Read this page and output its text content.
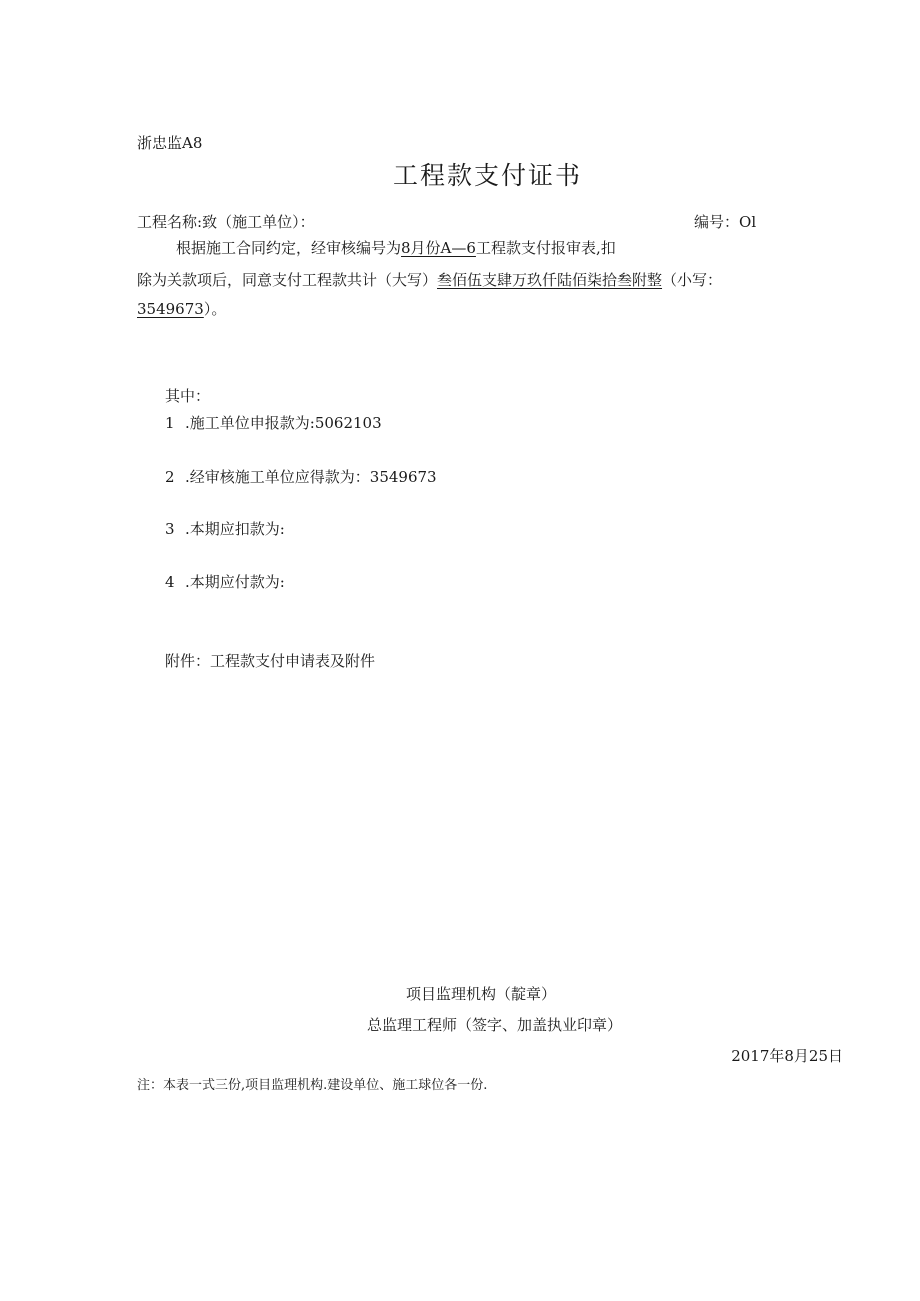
浙忠监A8
工程款支付证书
工程名称:致（施工单位）：	编号：Ol
根据施工合同约定，经审核编号为8月份A—6工程款支付报审表,扣
除为关款项后，同意支付工程款共计（大写）叁佰伍支肆万玖仟陆佰柒拾叁附整（小写：
3549673）。
其中：
1 .施工单位申报款为:5062103
2 .经审核施工单位应得款为：3549673
3 .本期应扣款为:
4 .本期应付款为:
附件：工程款支付申请表及附件
项目监理机构（靛章）
总监理工程师（签字、加盖执业印章）
2017年8月25日
注：本表一式三份,项目监理机构.建设单位、施工球位各一份.
